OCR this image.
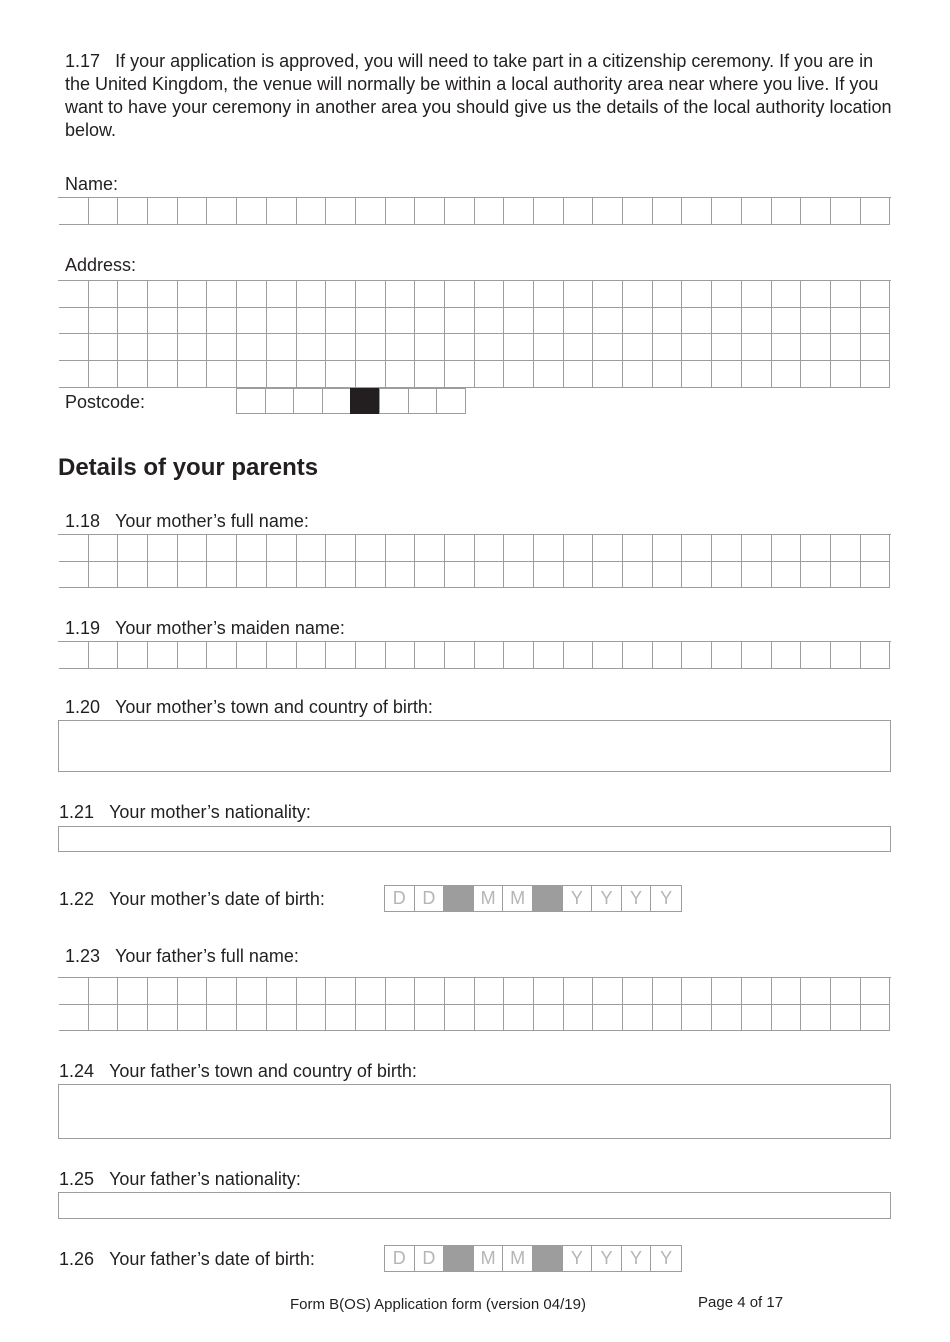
1.17 If your application is approved, you will need to take part in a citizenship ceremony. If you are in the United Kingdom, the venue will normally be within a local authority area near where you live. If you want to have your ceremony in another area you should give us the details of the local authority location below.

Name:
Address:
Postcode:
Details of your parents
1.18 Your mother’s full name:
1.19 Your mother’s maiden name:
1.20 Your mother’s town and country of birth:
1.21 Your mother’s nationality:
1.22 Your mother’s date of birth:	D D	M M	Y Y Y	Y
1.23 Your father’s full name:
1.24 Your father’s town and country of birth:
1.25 Your father’s nationality:
1.26 Your father’s date of birth:	D D	M M	Y Y Y	Y
Form B(OS) Application form (version 04/19)	Page 4 of 17
